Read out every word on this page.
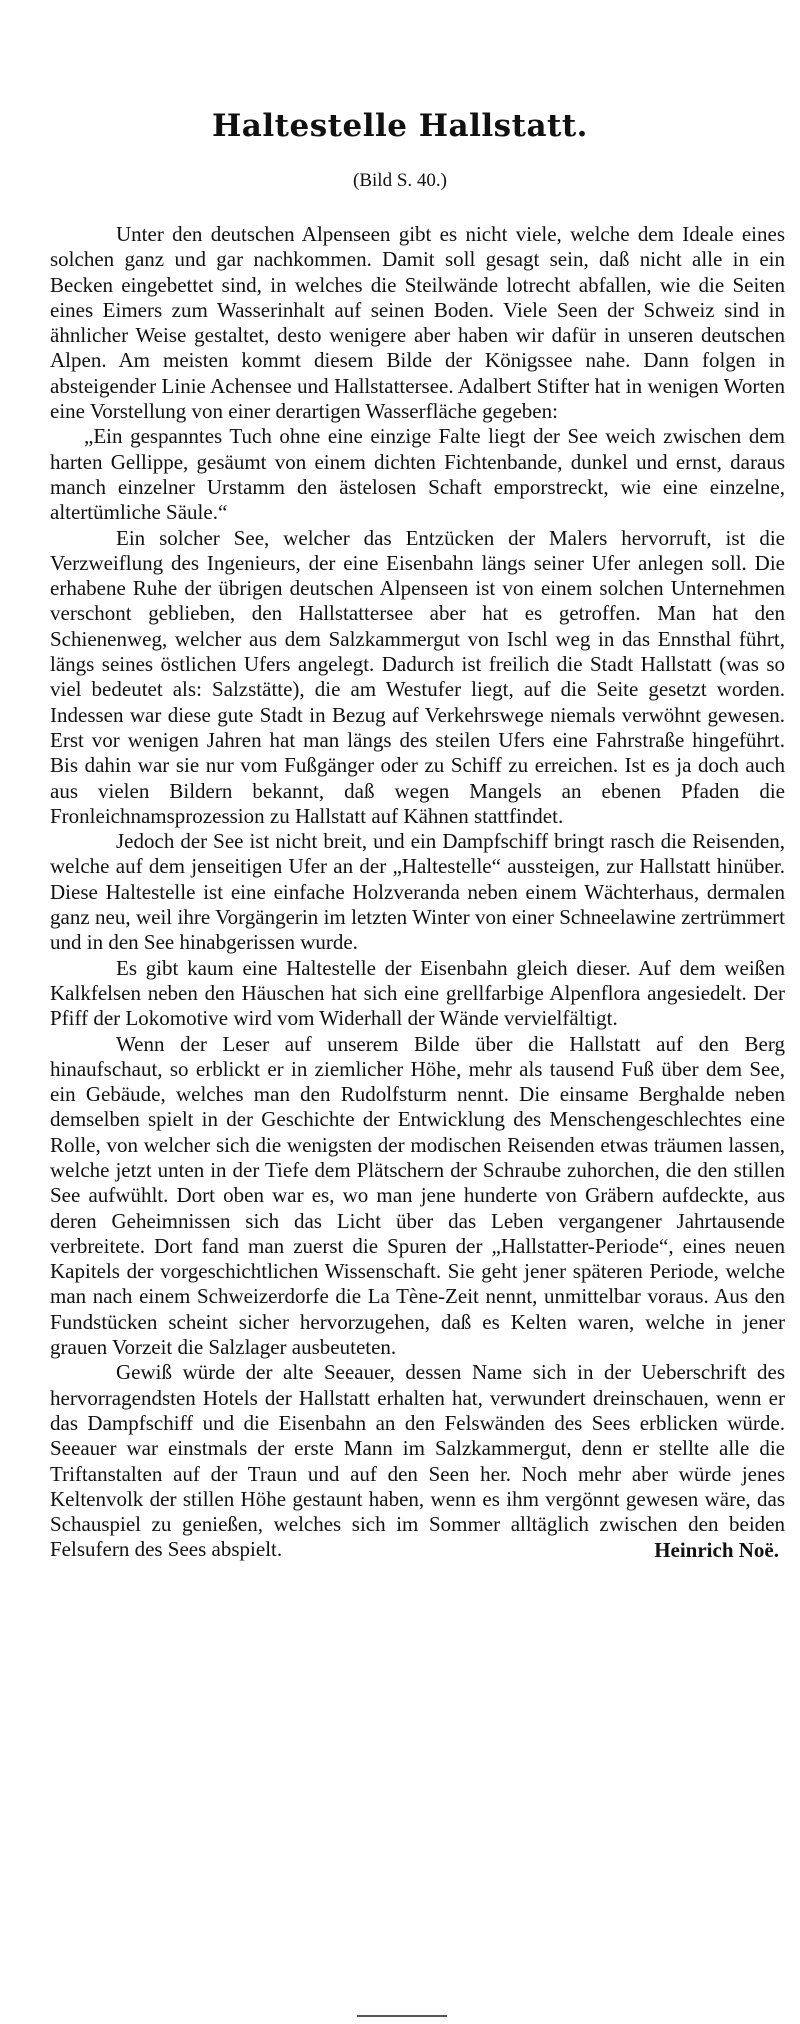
Haltestelle Hallstatt.
(Bild S. 40.)

Unter den deutschen Alpenseen gibt es nicht viele, welche dem Ideale eines solchen ganz und gar nachkommen. Damit soll gesagt sein, daß nicht alle in ein Becken eingebettet sind, in welches die Steilwände lotrecht abfallen, wie die Seiten eines Eimers zum Wasserinhalt auf seinen Boden. Viele Seen der Schweiz sind in ähnlicher Weise gestaltet, desto wenigere aber haben wir dafür in unseren deutschen Alpen. Am meisten kommt diesem Bilde der Königssee nahe. Dann folgen in absteigender Linie Achensee und Hallstattersee. Adalbert Stifter hat in wenigen Worten eine Vorstellung von einer derartigen Wasserfläche gegeben:

„Ein gespanntes Tuch ohne eine einzige Falte liegt der See weich zwischen dem harten Gellippe, gesäumt von einem dichten Fichtenbande, dunkel und ernst, daraus manch einzelner Urstamm den ästelosen Schaft emporstreckt, wie eine einzelne, altertümliche Säule.“

Ein solcher See, welcher das Entzücken der Malers hervorruft, ist die Verzweiflung des Ingenieurs, der eine Eisenbahn längs seiner Ufer anlegen soll. Die erhabene Ruhe der übrigen deutschen Alpenseen ist von einem solchen Unternehmen verschont geblieben, den Hallstattersee aber hat es getroffen. Man hat den Schienenweg, welcher aus dem Salzkammergut von Ischl weg in das Ennsthal führt, längs seines östlichen Ufers angelegt. Dadurch ist freilich die Stadt Hallstatt (was so viel bedeutet als: Salzstätte), die am Westufer liegt, auf die Seite gesetzt worden. Indessen war diese gute Stadt in Bezug auf Verkehrswege niemals verwöhnt gewesen. Erst vor wenigen Jahren hat man längs des steilen Ufers eine Fahrstraße hingeführt. Bis dahin war sie nur vom Fußgänger oder zu Schiff zu erreichen. Ist es ja doch auch aus vielen Bildern bekannt, daß wegen Mangels an ebenen Pfaden die Fronleichnamsprozession zu Hallstatt auf Kähnen stattfindet.

Jedoch der See ist nicht breit, und ein Dampfschiff bringt rasch die Reisenden, welche auf dem jenseitigen Ufer an der „Haltestelle“ aussteigen, zur Hallstatt hinüber. Diese Haltestelle ist eine einfache Holzveranda neben einem Wächterhaus, dermalen ganz neu, weil ihre Vorgängerin im letzten Winter von einer Schneelawine zertrümmert und in den See hinabgerissen wurde.

Es gibt kaum eine Haltestelle der Eisenbahn gleich dieser. Auf dem weißen Kalkfelsen neben den Häuschen hat sich eine grellfarbige Alpenflora angesiedelt. Der Pfiff der Lokomotive wird vom Widerhall der Wände vervielfältigt.

Wenn der Leser auf unserem Bilde über die Hallstatt auf den Berg hinaufschaut, so erblickt er in ziemlicher Höhe, mehr als tausend Fuß über dem See, ein Gebäude, welches man den Rudolfsturm nennt. Die einsame Berghalde neben demselben spielt in der Geschichte der Entwicklung des Menschengeschlechtes eine Rolle, von welcher sich die wenigsten der modischen Reisenden etwas träumen lassen, welche jetzt unten in der Tiefe dem Plätschern der Schraube zuhorchen, die den stillen See aufwühlt. Dort oben war es, wo man jene hunderte von Gräbern aufdeckte, aus deren Geheimnissen sich das Licht über das Leben vergangener Jahrtausende verbreitete. Dort fand man zuerst die Spuren der „Hallstatter-Periode“, eines neuen Kapitels der vorgeschichtlichen Wissenschaft. Sie geht jener späteren Periode, welche man nach einem Schweizerdorfe die La Tène-Zeit nennt, unmittelbar voraus. Aus den Fundstücken scheint sicher hervorzugehen, daß es Kelten waren, welche in jener grauen Vorzeit die Salzlager ausbeuteten.

Gewiß würde der alte Seeauer, dessen Name sich in der Ueberschrift des hervorragendsten Hotels der Hallstatt erhalten hat, verwundert dreinschauen, wenn er das Dampfschiff und die Eisenbahn an den Felswänden des Sees erblicken würde. Seeauer war einstmals der erste Mann im Salzkammergut, denn er stellte alle die Triftanstalten auf der Traun und auf den Seen her. Noch mehr aber würde jenes Keltenvolk der stillen Höhe gestaunt haben, wenn es ihm vergönnt gewesen wäre, das Schauspiel zu genießen, welches sich im Sommer alltäglich zwischen den beiden Felsufern des Sees abspielt.	Heinrich Noë.
